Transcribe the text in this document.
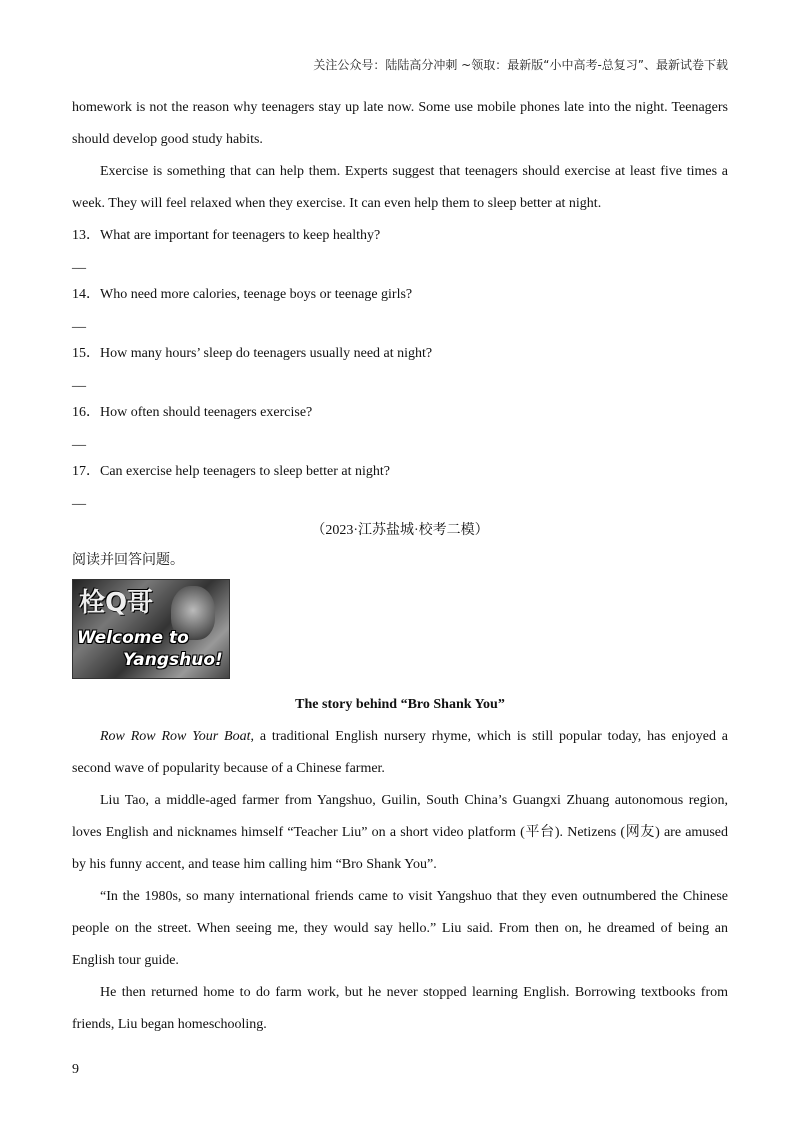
关注公众号：陆陆高分冲刺 ~领取：最新版“小中高考-总复习”、最新试卷下载

homework is not the reason why teenagers stay up late now. Some use mobile phones late into the night. Teenagers should develop good study habits.

Exercise is something that can help them. Experts suggest that teenagers should exercise at least five times a week. They will feel relaxed when they exercise. It can even help them to sleep better at night.

13．What are important for teenagers to keep healthy?

__

14．Who need more calories, teenage boys or teenage girls?

__

15．How many hours’ sleep do teenagers usually need at night?

__

16．How often should teenagers exercise?

__

17．Can exercise help teenagers to sleep better at night?

__

（2023·江苏盐城·校考二模）

阅读并回答问题。

栓Q哥
Welcome to
Yangshuo!

The story behind “Bro Shank You”

Row Row Row Your Boat, a traditional English nursery rhyme, which is still popular today, has enjoyed a second wave of popularity because of a Chinese farmer.

Liu Tao, a middle-aged farmer from Yangshuo, Guilin, South China’s Guangxi Zhuang autonomous region, loves English and nicknames himself “Teacher Liu” on a short video platform (平台). Netizens (网友) are amused by his funny accent, and tease him calling him “Bro Shank You”.

“In the 1980s, so many international friends came to visit Yangshuo that they even outnumbered the Chinese people on the street. When seeing me, they would say hello.” Liu said. From then on, he dreamed of being an English tour guide.

He then returned home to do farm work, but he never stopped learning English. Borrowing textbooks from friends, Liu began homeschooling.

9
